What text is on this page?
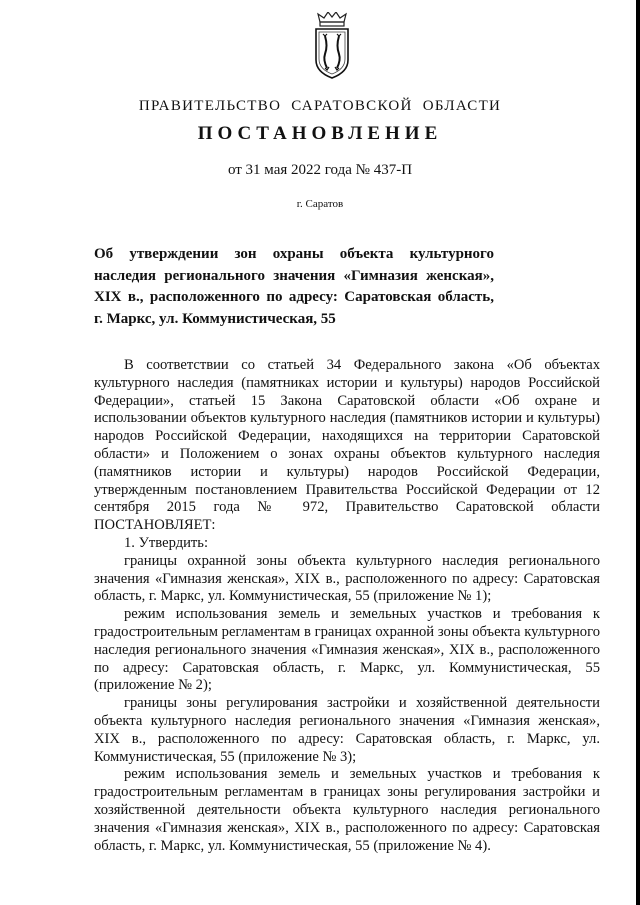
ПРАВИТЕЛЬСТВО САРАТОВСКОЙ ОБЛАСТИ
ПОСТАНОВЛЕНИЕ
от 31 мая 2022 года № 437-П
г. Саратов
Об утверждении зон охраны объекта культурного
наследия регионального значения «Гимназия женская»,
XIX в., расположенного по адресу: Саратовская область,
г. Маркс, ул. Коммунистическая, 55

В соответствии со статьей 34 Федерального закона «Об объектах культурного наследия (памятниках истории и культуры) народов Российской Федерации», статьей 15 Закона Саратовской области «Об охране и использовании объектов культурного наследия (памятников истории и культуры) народов Российской Федерации, находящихся на территории Саратовской области» и Положением о зонах охраны объектов культурного наследия (памятников истории и культуры) народов Российской Федерации, утвержденным постановлением Правительства Российской Федерации от 12 сентября 2015 года № 972, Правительство Саратовской области ПОСТАНОВЛЯЕТ:

1. Утвердить:

границы охранной зоны объекта культурного наследия регионального значения «Гимназия женская», XIX в., расположенного по адресу: Саратовская область, г. Маркс, ул. Коммунистическая, 55 (приложение № 1);

режим использования земель и земельных участков и требования к градостроительным регламентам в границах охранной зоны объекта культурного наследия регионального значения «Гимназия женская», XIX в., расположенного по адресу: Саратовская область, г. Маркс, ул. Коммунистическая, 55 (приложение № 2);

границы зоны регулирования застройки и хозяйственной деятельности объекта культурного наследия регионального значения «Гимназия женская», XIX в., расположенного по адресу: Саратовская область, г. Маркс, ул. Коммунистическая, 55 (приложение № 3);

режим использования земель и земельных участков и требования к градостроительным регламентам в границах зоны регулирования застройки и хозяйственной деятельности объекта культурного наследия регионального значения «Гимназия женская», XIX в., расположенного по адресу: Саратовская область, г. Маркс, ул. Коммунистическая, 55 (приложение № 4).
